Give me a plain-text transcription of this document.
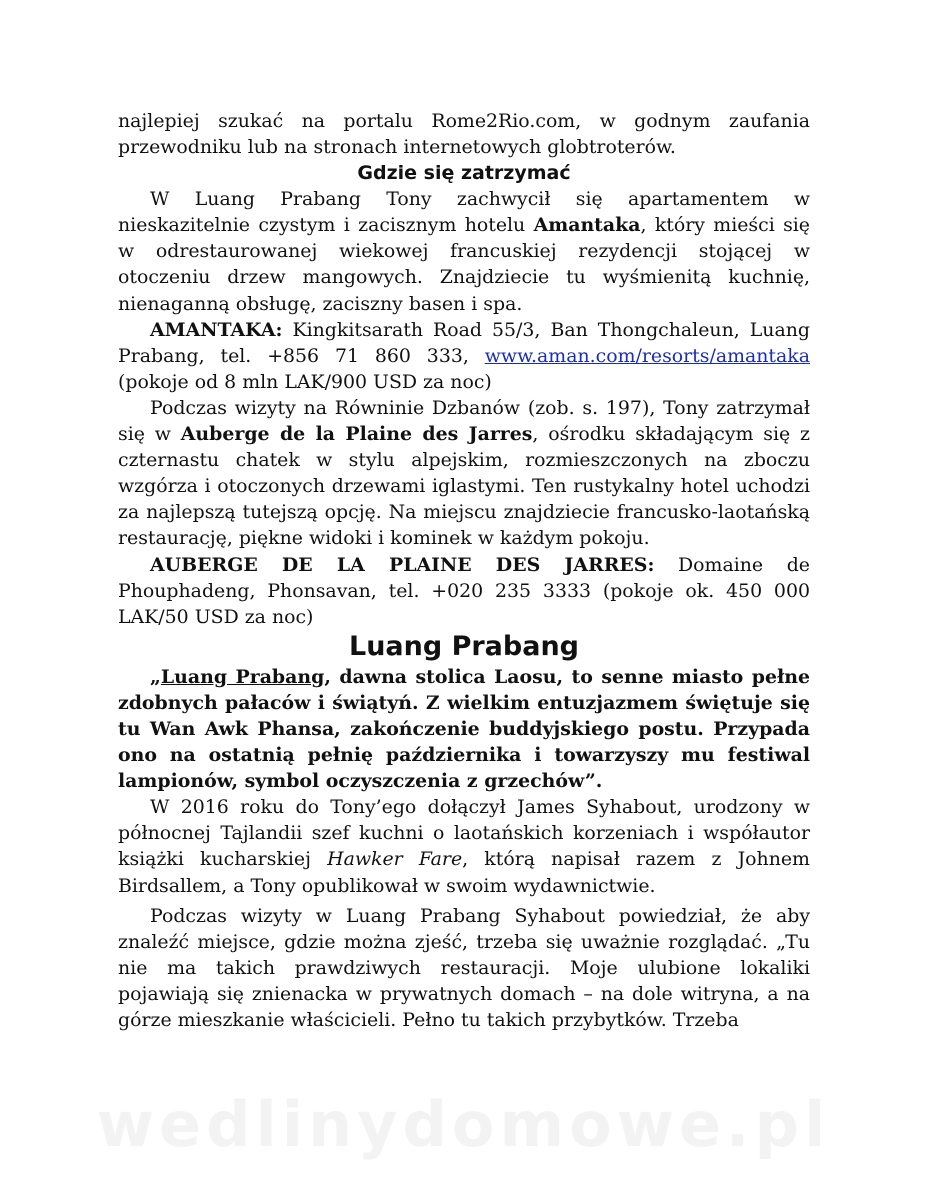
najlepiej szukać na portalu Rome2Rio.com, w godnym zaufania przewodniku lub na stronach internetowych globtroterów.

Gdzie się zatrzymać

W Luang Prabang Tony zachwycił się apartamentem w nieskazitelnie czystym i zacisznym hotelu Amantaka, który mieści się w odrestaurowanej wiekowej francuskiej rezydencji stojącej w otoczeniu drzew mangowych. Znajdziecie tu wyśmienitą kuchnię, nienaganną obsługę, zaciszny basen i spa.

AMANTAKA: Kingkitsarath Road 55/3, Ban Thongchaleun, Luang Prabang, tel. +856 71 860 333, www.aman.com/resorts/amantaka (pokoje od 8 mln LAK/900 USD za noc)

Podczas wizyty na Równinie Dzbanów (zob. s. 197), Tony zatrzymał się w Auberge de la Plaine des Jarres, ośrodku składającym się z czternastu chatek w stylu alpejskim, rozmieszczonych na zboczu wzgórza i otoczonych drzewami iglastymi. Ten rustykalny hotel uchodzi za najlepszą tutejszą opcję. Na miejscu znajdziecie francusko-laotańską restaurację, piękne widoki i kominek w każdym pokoju.

AUBERGE DE LA PLAINE DES JARRES: Domaine de Phouphadeng, Phonsavan, tel. +020 235 3333 (pokoje ok. 450 000 LAK/50 USD za noc)

Luang Prabang

„Luang Prabang, dawna stolica Laosu, to senne miasto pełne zdobnych pałaców i świątyń. Z wielkim entuzjazmem świętuje się tu Wan Awk Phansa, zakończenie buddyjskiego postu. Przypada ono na ostatnią pełnię października i towarzyszy mu festiwal lampionów, symbol oczyszczenia z grzechów”.

W 2016 roku do Tony’ego dołączył James Syhabout, urodzony w północnej Tajlandii szef kuchni o laotańskich korzeniach i współautor książki kucharskiej Hawker Fare, którą napisał razem z Johnem Birdsallem, a Tony opublikował w swoim wydawnictwie.

Podczas wizyty w Luang Prabang Syhabout powiedział, że aby znaleźć miejsce, gdzie można zjeść, trzeba się uważnie rozglądać. „Tu nie ma takich prawdziwych restauracji. Moje ulubione lokaliki pojawiają się znienacka w prywatnych domach – na dole witryna, a na górze mieszkanie właścicieli. Pełno tu takich przybytków. Trzeba

wedlinydomowe.pl
